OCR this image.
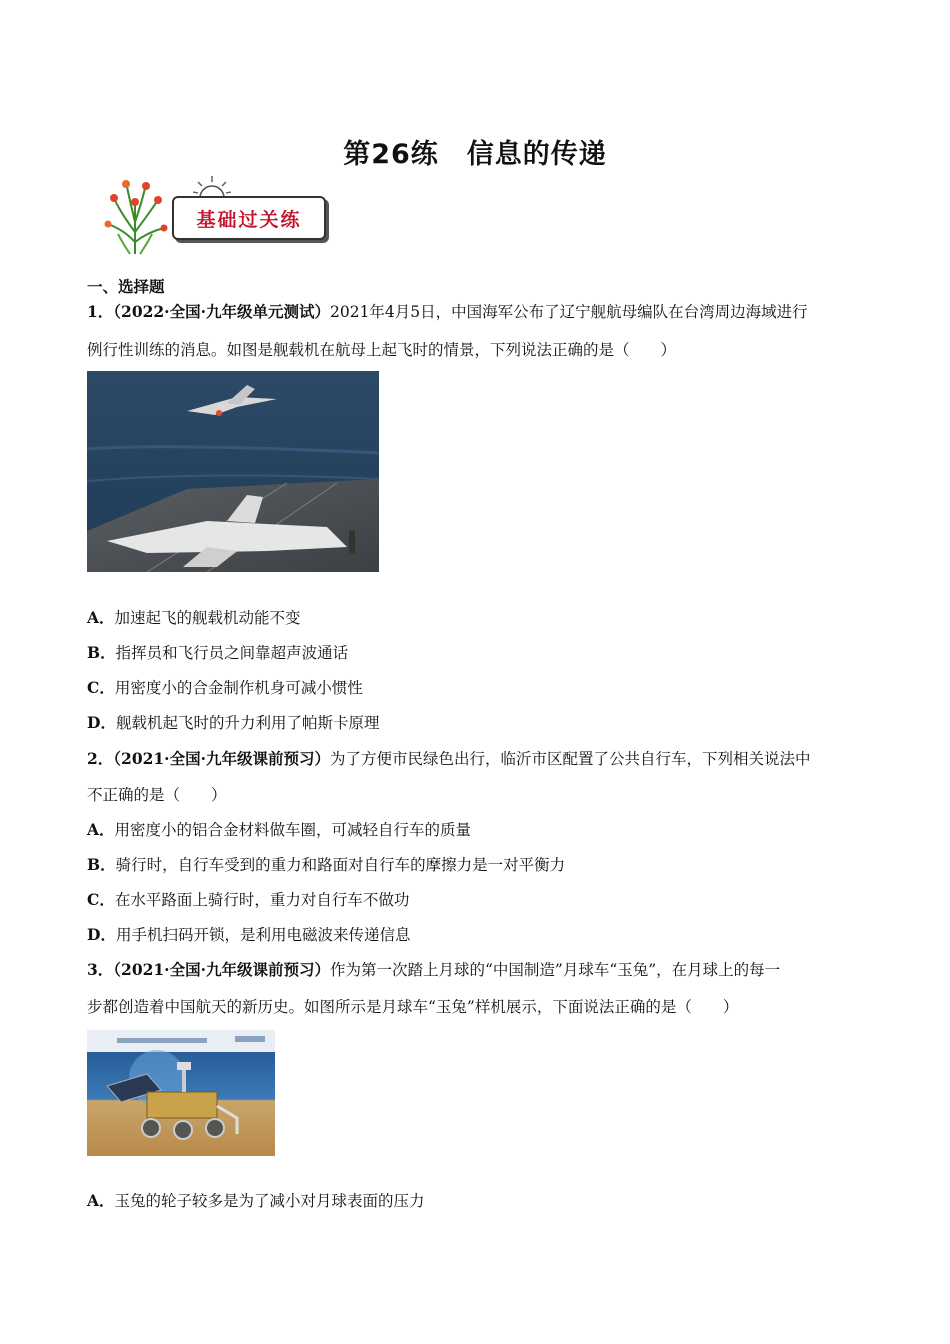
第26练　信息的传递
基础过关练
一、选择题
1．（2022·全国·九年级单元测试）2021年4月5日，中国海军公布了辽宁舰航母编队在台湾周边海域进行
例行性训练的消息。如图是舰载机在航母上起飞时的情景，下列说法正确的是（　　）
A．加速起飞的舰载机动能不变
B．指挥员和飞行员之间靠超声波通话
C．用密度小的合金制作机身可减小惯性
D．舰载机起飞时的升力利用了帕斯卡原理
2．（2021·全国·九年级课前预习）为了方便市民绿色出行，临沂市区配置了公共自行车，下列相关说法中
不正确的是（　　）
A．用密度小的铝合金材料做车圈，可减轻自行车的质量
B．骑行时，自行车受到的重力和路面对自行车的摩擦力是一对平衡力
C．在水平路面上骑行时，重力对自行车不做功
D．用手机扫码开锁，是利用电磁波来传递信息
3．（2021·全国·九年级课前预习）作为第一次踏上月球的“中国制造”月球车“玉兔”，在月球上的每一
步都创造着中国航天的新历史。如图所示是月球车“玉兔”样机展示，下面说法正确的是（　　）
A．玉兔的轮子较多是为了减小对月球表面的压力
